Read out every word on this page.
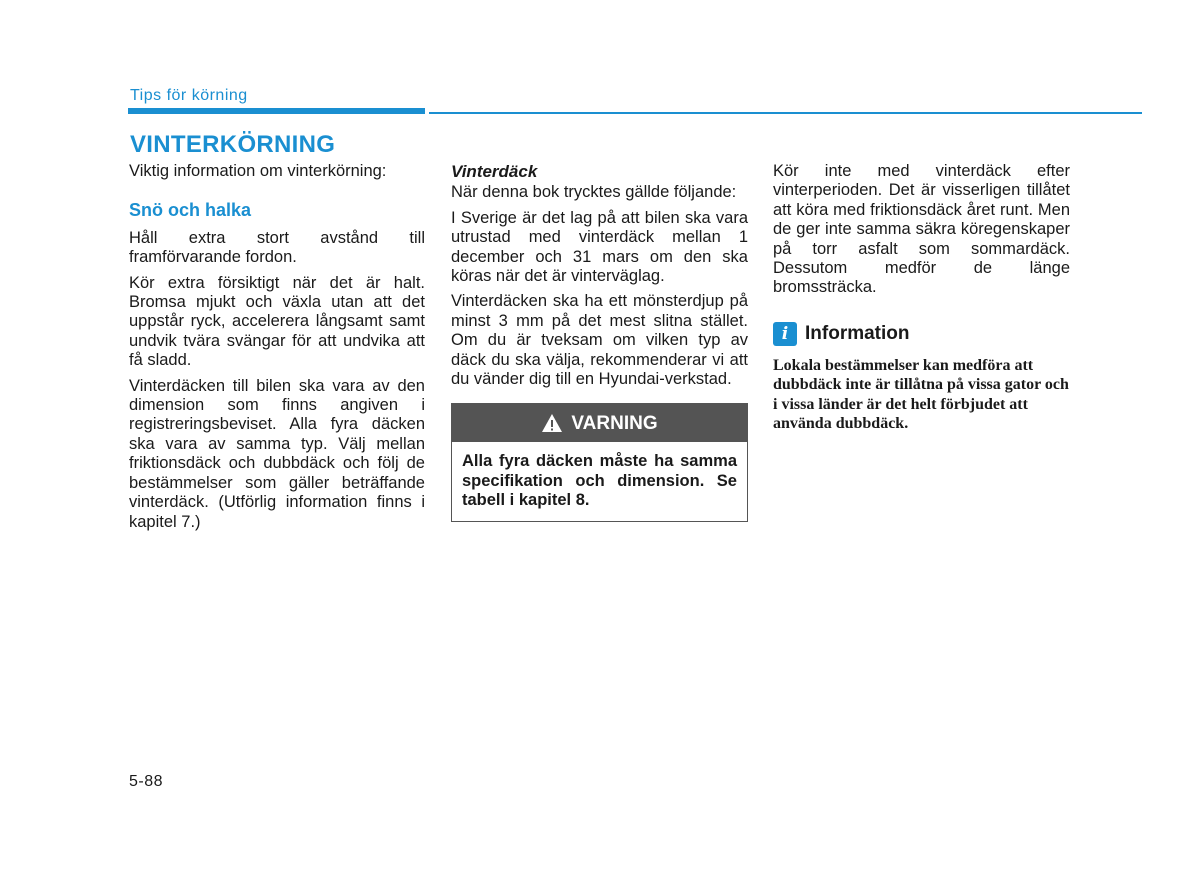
Tips för körning
VINTERKÖRNING

Viktig information om vinterkörning:

Snö och halka

Håll extra stort avstånd till framförvarande fordon.

Kör extra försiktigt när det är halt. Bromsa mjukt och växla utan att det uppstår ryck, accelerera långsamt samt undvik tvära svängar för att undvika att få sladd.

Vinterdäcken till bilen ska vara av den dimension som finns angiven i registreringsbeviset. Alla fyra däcken ska vara av samma typ. Välj mellan friktionsdäck och dubbdäck och följ de bestämmelser som gäller beträffande vinterdäck. (Utförlig information finns i kapitel 7.)

Vinterdäck

När denna bok trycktes gällde följande:

I Sverige är det lag på att bilen ska vara utrustad med vinterdäck mellan 1 december och 31 mars om den ska köras när det är vinterväglag.

Vinterdäcken ska ha ett mönsterdjup på minst 3 mm på det mest slitna stället. Om du är tveksam om vilken typ av däck du ska välja, rekommenderar vi att du vänder dig till en Hyundai-verkstad.

VARNING
Alla fyra däcken måste ha samma specifikation och dimension. Se tabell i kapitel 8.

Kör inte med vinterdäck efter vinterperioden. Det är visserligen tillåtet att köra med friktionsdäck året runt. Men de ger inte samma säkra köregenskaper på torr asfalt som sommardäck. Dessutom medför de länge bromssträcka.

i Information
Lokala bestämmelser kan medföra att dubbdäck inte är tillåtna på vissa gator och i vissa länder är det helt förbjudet att använda dubbdäck.
5-88
